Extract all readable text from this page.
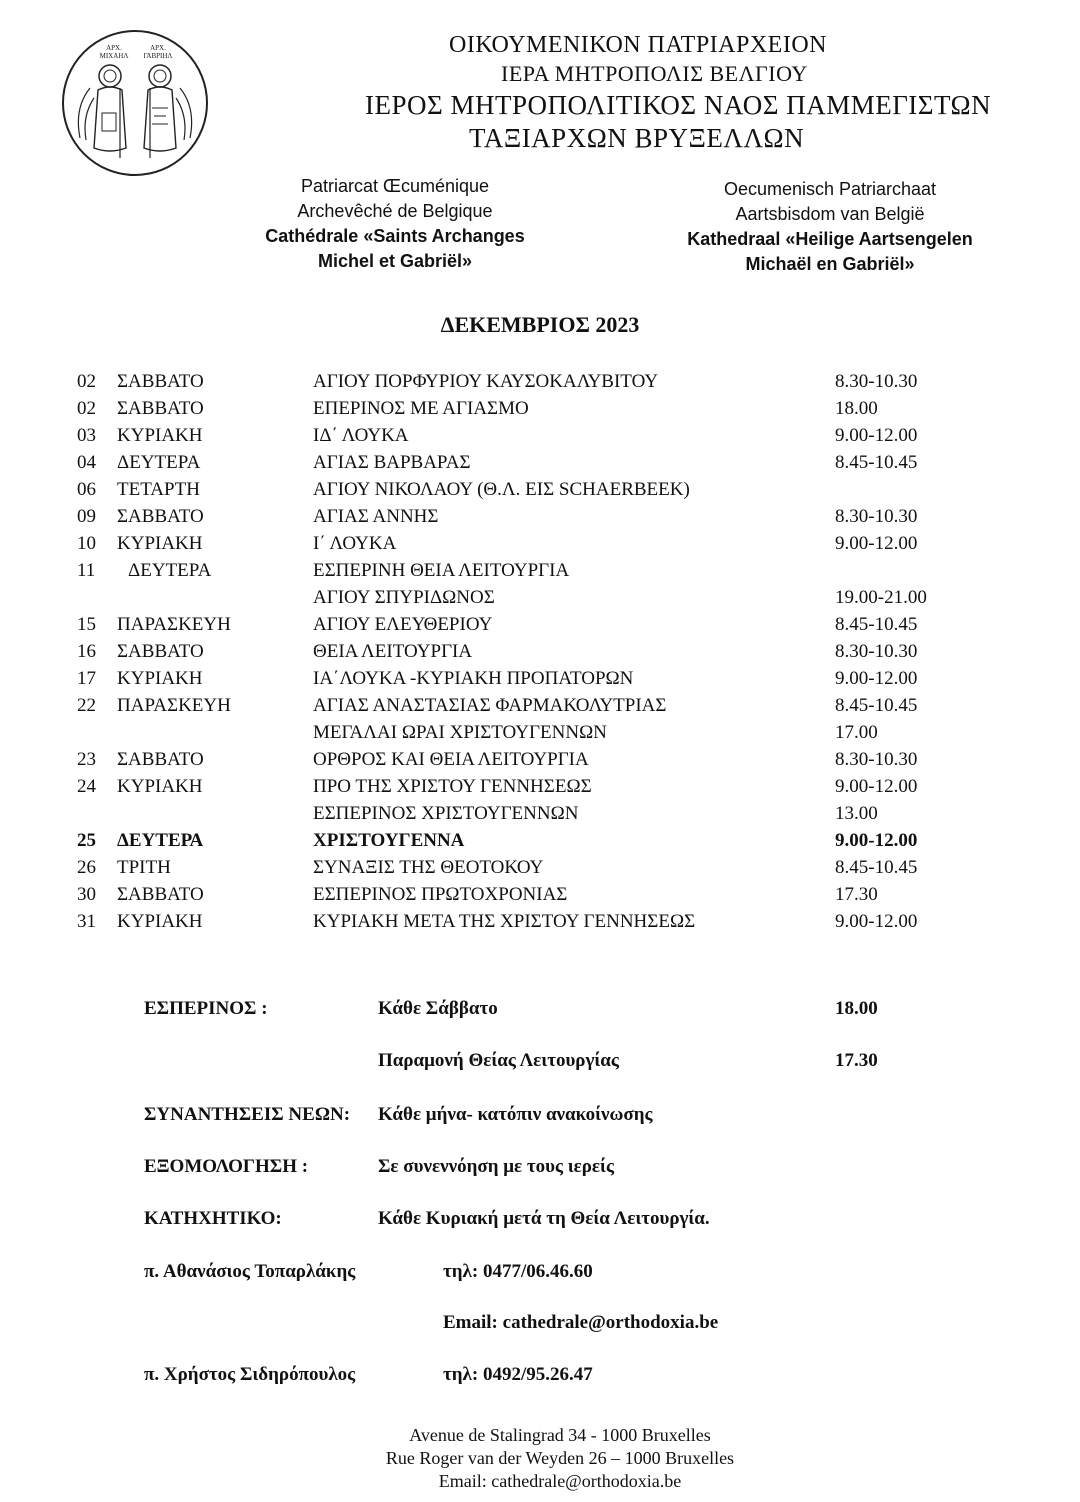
ΑΡΧ.
ΜΙΧΑΗΛ
ΑΡΧ.
ΓΑΒΡΙΗΛ	ΟΙΚΟΥΜΕΝΙΚΟΝ ΠΑΤΡΙΑΡΧΕΙΟΝ
ΙΕΡΑ ΜΗΤΡΟΠΟΛΙΣ ΒΕΛΓΙΟΥ
ΙΕΡΟΣ ΜΗΤΡΟΠΟΛΙΤΙΚΟΣ ΝΑΟΣ ΠΑΜΜΕΓΙΣΤΩΝ
ΤΑΞΙΑΡΧΩΝ ΒΡΥΞΕΛΛΩΝ
Patriarcat Œcuménique
Archevêché de Belgique
Cathédrale «Saints Archanges
Michel et Gabriël»
Oecumenisch Patriarchaat
Aartsbisdom van België
Kathedraal «Heilige Aartsengelen
Michaël en Gabriël»
ΔΕΚΕΜΒΡΙΟΣ 2023
02 ΣΑΒΒΑΤΟ	ΑΓΙΟΥ ΠΟΡΦΥΡΙΟΥ ΚΑΥΣΟΚΑΛΥΒΙΤΟΥ	8.30-10.30
02 ΣΑΒΒΑΤΟ	ΕΠΕΡΙΝΟΣ ΜΕ ΑΓΙΑΣΜΟ	18.00
03 ΚΥΡΙΑΚΗ	ΙΔ΄ ΛΟΥΚΑ	9.00-12.00
04 ΔΕΥΤΕΡΑ	ΑΓΙΑΣ ΒΑΡΒΑΡΑΣ	8.45-10.45
06 ΤΕΤΑΡΤΗ	ΑΓΙΟΥ ΝΙΚΟΛΑΟΥ (Θ.Λ. ΕΙΣ SCHAERBEEK)
09 ΣΑΒΒΑΤΟ	ΑΓΙΑΣ ΑΝΝΗΣ	8.30-10.30
10 ΚΥΡΙΑΚΗ	Ι΄ ΛΟΥΚΑ	9.00-12.00
11 ΔΕΥΤΕΡΑ	ΕΣΠΕΡΙΝΗ ΘΕΙΑ ΛΕΙΤΟΥΡΓΙΑ
ΑΓΙΟΥ ΣΠΥΡΙΔΩΝΟΣ	19.00-21.00
15 ΠΑΡΑΣΚΕΥΗ	ΑΓΙΟΥ ΕΛΕΥΘΕΡΙΟΥ	8.45-10.45
16 ΣΑΒΒΑΤΟ	ΘΕΙΑ ΛΕΙΤΟΥΡΓΙΑ	8.30-10.30
17 ΚΥΡΙΑΚΗ	ΙΑ΄ΛΟΥΚΑ -ΚΥΡΙΑΚΗ ΠΡΟΠΑΤΟΡΩΝ	9.00-12.00
22 ΠΑΡΑΣΚΕΥΗ	ΑΓΙΑΣ ΑΝΑΣΤΑΣΙΑΣ ΦΑΡΜΑΚΟΛΥΤΡΙΑΣ	8.45-10.45
ΜΕΓΑΛΑΙ ΩΡΑΙ ΧΡΙΣΤΟΥΓΕΝΝΩΝ	17.00
23 ΣΑΒΒΑΤΟ	ΟΡΘΡΟΣ ΚΑΙ ΘΕΙΑ ΛΕΙΤΟΥΡΓΙΑ	8.30-10.30
24 ΚΥΡΙΑΚΗ	ΠΡΟ ΤΗΣ ΧΡΙΣΤΟΥ ΓΕΝΝΗΣΕΩΣ	9.00-12.00
ΕΣΠΕΡΙΝΟΣ ΧΡΙΣΤΟΥΓΕΝΝΩΝ	13.00
25 ΔΕΥΤΕΡΑ	ΧΡΙΣΤΟΥΓΕΝΝΑ	9.00-12.00
26 ΤΡΙΤΗ	ΣΥΝΑΞΙΣ ΤΗΣ ΘΕΟΤΟΚΟΥ	8.45-10.45
30 ΣΑΒΒΑΤΟ	ΕΣΠΕΡΙΝΟΣ ΠΡΩΤΟΧΡΟΝΙΑΣ	17.30
31 ΚΥΡΙΑΚΗ	ΚΥΡΙΑΚΗ ΜΕΤΑ ΤΗΣ ΧΡΙΣΤΟΥ ΓΕΝΝΗΣΕΩΣ	9.00-12.00
ΕΣΠΕΡΙΝΟΣ :	Κάθε Σάββατο	18.00
Παραμονή Θείας Λειτουργίας	17.30
ΣΥΝΑΝΤΗΣΕΙΣ ΝΕΩΝ: Κάθε μήνα- κατόπιν ανακοίνωσης
ΕΞΟΜΟΛΟΓΗΣΗ :	Σε συνεννόηση με τους ιερείς
ΚΑΤΗΧΗΤΙΚΟ:	Κάθε Κυριακή μετά τη Θεία Λειτουργία.
π. Αθανάσιος Τοπαρλάκης	τηλ: 0477/06.46.60
Email: cathedrale@orthodoxia.be
π. Χρήστος Σιδηρόπουλος	τηλ: 0492/95.26.47
Avenue de Stalingrad 34 - 1000 Bruxelles
Rue Roger van der Weyden 26 – 1000 Bruxelles
Email: cathedrale@orthodoxia.be
